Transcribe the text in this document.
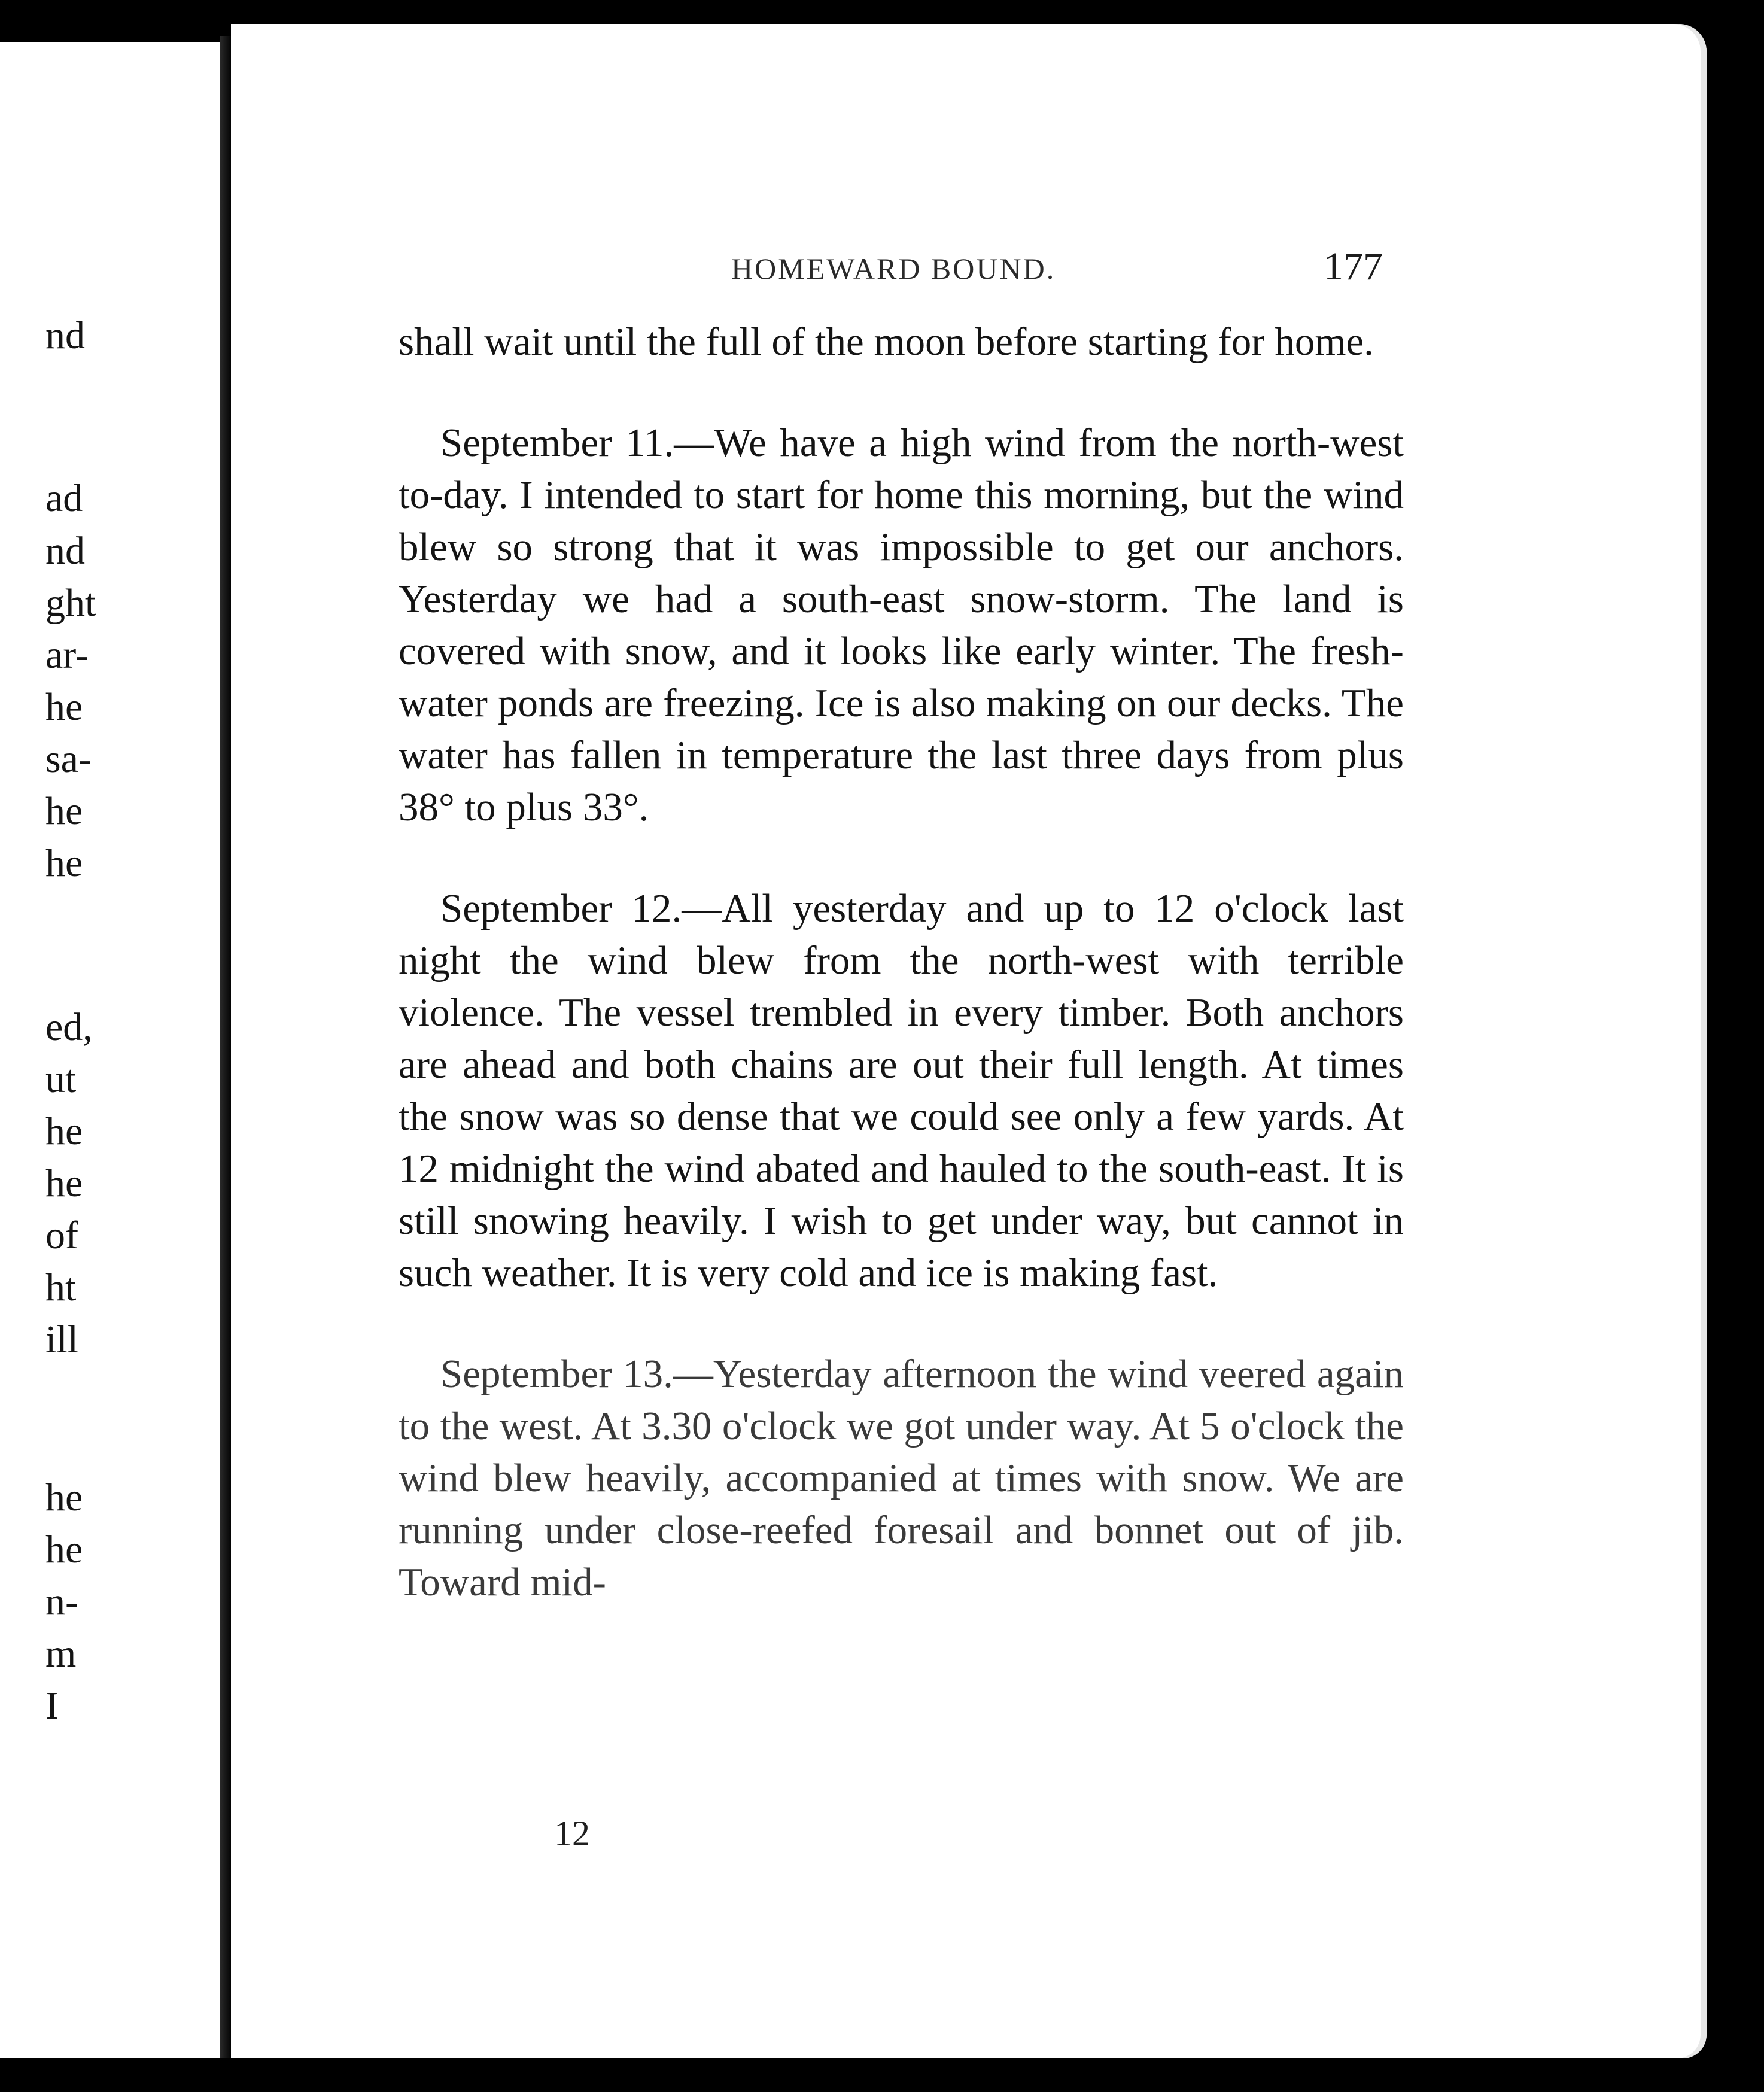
nd
ad
nd
ght
ar-
he
sa-
he
he
ed,
ut
he
he
of
ht
ill
he
he
n-
m
I
HOMEWARD BOUND.	177

shall wait until the full of the moon before starting for home.

September 11.—We have a high wind from the north-west to-day. I intended to start for home this morning, but the wind blew so strong that it was impossible to get our anchors. Yesterday we had a south-east snow-storm. The land is covered with snow, and it looks like early winter. The fresh-water ponds are freezing. Ice is also making on our decks. The water has fallen in temperature the last three days from plus 38° to plus 33°.

September 12.—All yesterday and up to 12 o'clock last night the wind blew from the north-west with terrible violence. The vessel trembled in every timber. Both anchors are ahead and both chains are out their full length. At times the snow was so dense that we could see only a few yards. At 12 midnight the wind abated and hauled to the south-east. It is still snowing heavily. I wish to get under way, but cannot in such weather. It is very cold and ice is making fast.

September 13.—Yesterday afternoon the wind veered again to the west. At 3.30 o'clock we got under way. At 5 o'clock the wind blew heavily, accompanied at times with snow. We are running under close-reefed foresail and bonnet out of jib. Toward mid-

12
